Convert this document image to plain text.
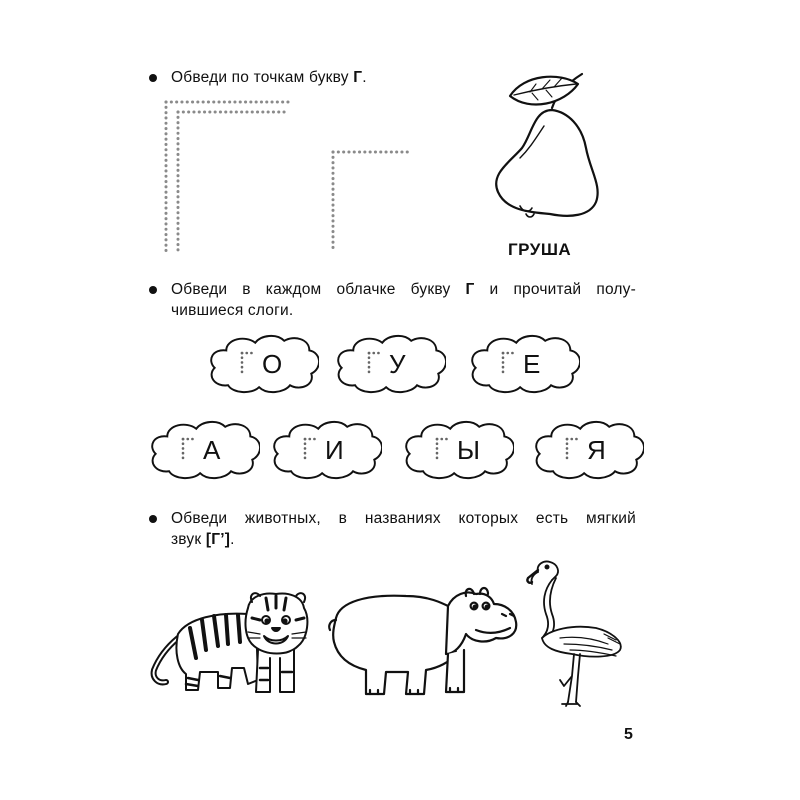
Обведи по точкам букву Г.
ГРУША
Обведи в каждом облачке букву Г и прочитай полу-
чившиеся слоги.
О	У	Е
А	И	Ы	Я
Обведи животных, в названиях которых есть мягкий
звук [Г’].
5
